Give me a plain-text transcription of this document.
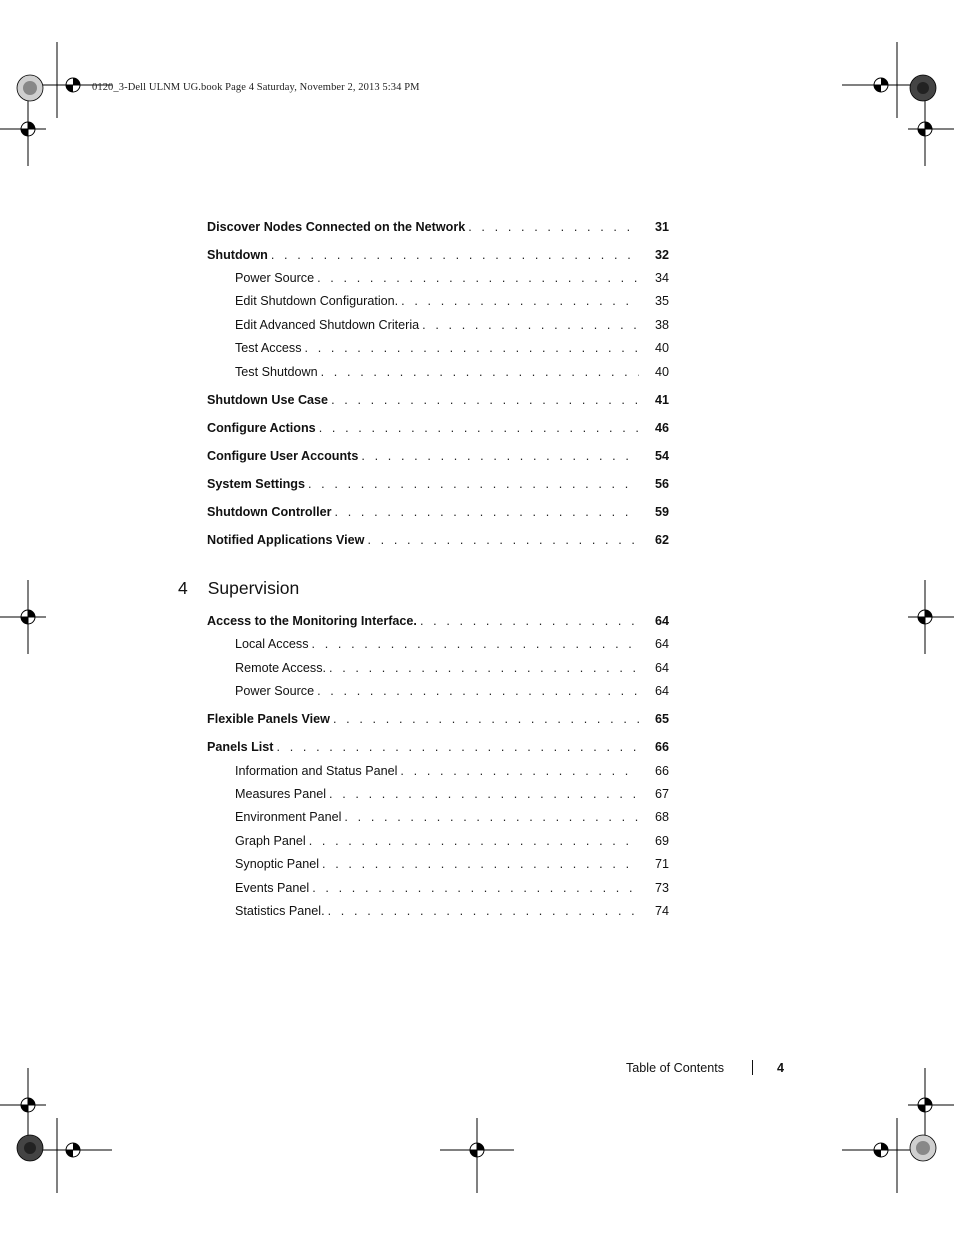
0120_3-Dell ULNM UG.book Page 4 Saturday, November 2, 2013 5:34 PM
Discover Nodes Connected on the Network . . .	31
Shutdown . . .	32
Power Source . . .	34
Edit Shutdown Configuration. . . .	35
Edit Advanced Shutdown Criteria . . .	38
Test Access . . .	40
Test Shutdown . . .	40
Shutdown Use Case . . .	41
Configure Actions . . .	46
Configure User Accounts . . .	54
System Settings . . .	56
Shutdown Controller . . .	59
Notified Applications View . . .	62
4 Supervision
Access to the Monitoring Interface. . . .	64
Local Access . . .	64
Remote Access. . . .	64
Power Source . . .	64
Flexible Panels View . . .	65
Panels List . . .	66
Information and Status Panel . . .	66
Measures Panel . . .	67
Environment Panel . . .	68
Graph Panel . . .	69
Synoptic Panel . . .	71
Events Panel . . .	73
Statistics Panel. . . .	74
Table of Contents	4
